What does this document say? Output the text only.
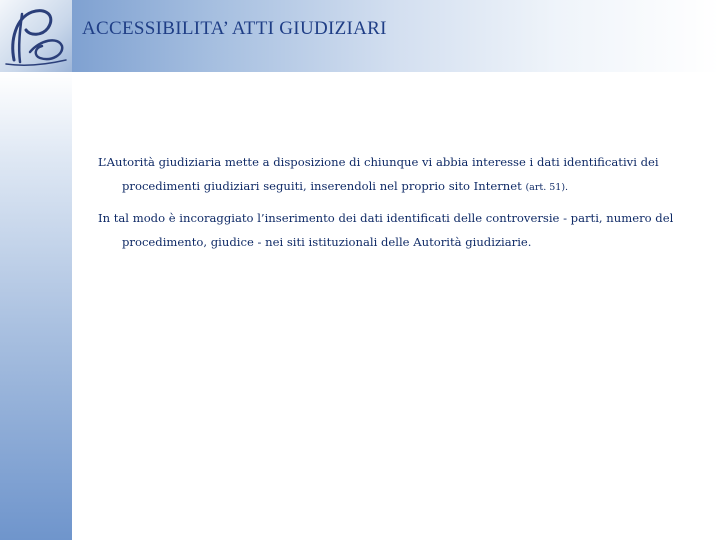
ACCESSIBILITA’ ATTI GIUDIZIARI

L’Autorità giudiziaria mette a disposizione di chiunque vi abbia interesse i dati identificativi dei procedimenti giudiziari seguiti, inserendoli nel proprio sito Internet (art. 51).

In tal modo è incoraggiato l’inserimento dei dati identificati delle controversie - parti, numero del procedimento, giudice - nei siti istituzionali delle Autorità giudiziarie.
